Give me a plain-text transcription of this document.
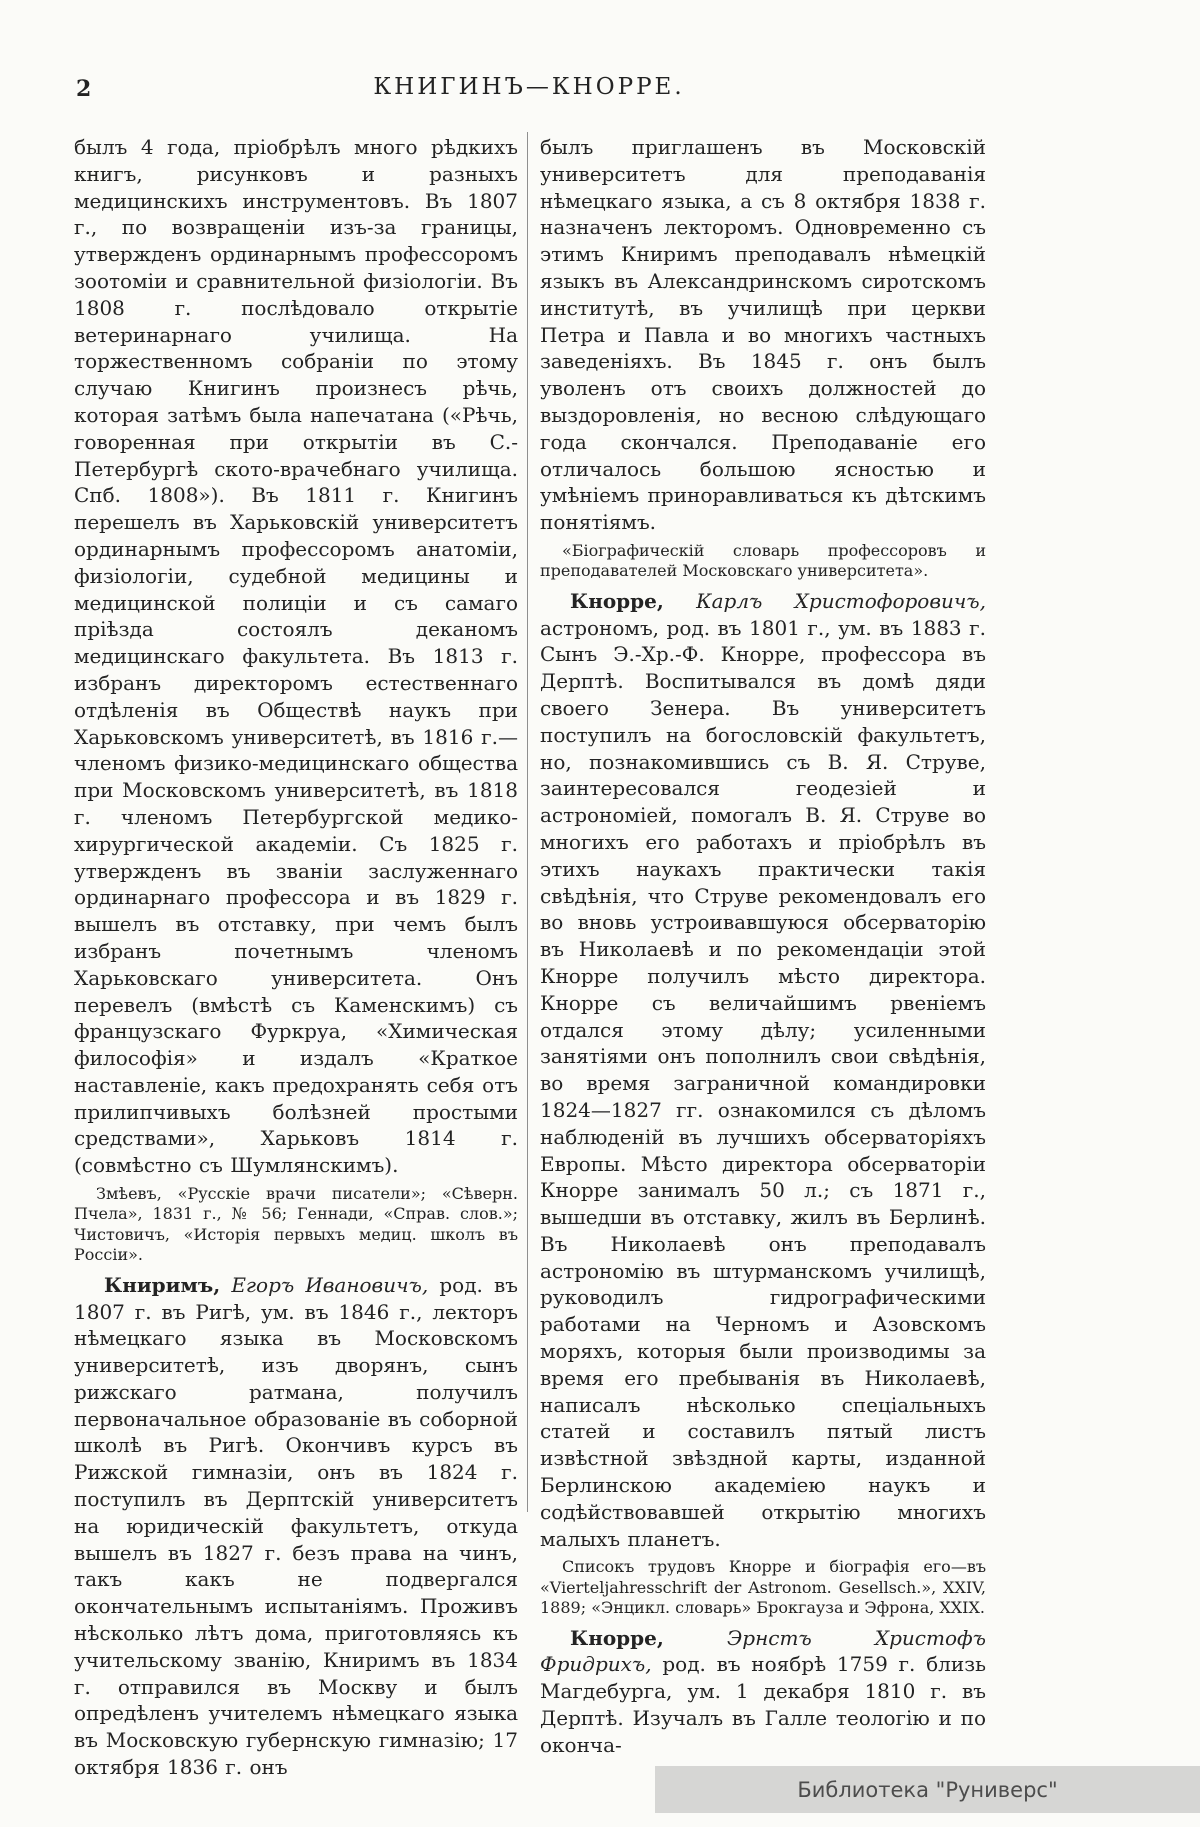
2	КНИГИНЪ—КНОРРЕ.

былъ 4 года, пріобрѣлъ много рѣдкихъ книгъ, рисунковъ и разныхъ медицинскихъ инструментовъ. Въ 1807 г., по возвращеніи изъ-за границы, утвержденъ ординарнымъ профессоромъ зоотоміи и сравнительной физіологіи. Въ 1808 г. послѣдовало открытіе ветеринарнаго училища. На торжественномъ собраніи по этому случаю Книгинъ произнесъ рѣчь, которая затѣмъ была напечатана («Рѣчь, говоренная при открытіи въ С.-Петербургѣ ското-врачебнаго училища. Спб. 1808»). Въ 1811 г. Книгинъ перешелъ въ Харьковскій университетъ ординарнымъ профессоромъ анатоміи, физіологіи, судебной медицины и медицинской полиціи и съ самаго пріѣзда состоялъ деканомъ медицинскаго факультета. Въ 1813 г. избранъ директоромъ естественнаго отдѣленія въ Обществѣ наукъ при Харьковскомъ университетѣ, въ 1816 г.—членомъ физико-медицинскаго общества при Московскомъ университетѣ, въ 1818 г. членомъ Петербургской медико-хирургической академіи. Съ 1825 г. утвержденъ въ званіи заслуженнаго ординарнаго профессора и въ 1829 г. вышелъ въ отставку, при чемъ былъ избранъ почетнымъ членомъ Харьковскаго университета. Онъ перевелъ (вмѣстѣ съ Каменскимъ) съ французскаго Фуркруа, «Химическая философія» и издалъ «Краткое наставленіе, какъ предохранять себя отъ прилипчивыхъ болѣзней простыми средствами», Харьковъ 1814 г. (совмѣстно съ Шумлянскимъ).

Змѣевъ, «Русскіе врачи писатели»; «Сѣверн. Пчела», 1831 г., № 56; Геннади, «Справ. слов.»; Чистовичъ, «Исторія первыхъ медиц. школъ въ Россіи».

Книримъ, Егоръ Ивановичъ, род. въ 1807 г. въ Ригѣ, ум. въ 1846 г., лекторъ нѣмецкаго языка въ Московскомъ университетѣ, изъ дворянъ, сынъ рижскаго ратмана, получилъ первоначальное образованіе въ соборной школѣ въ Ригѣ. Окончивъ курсъ въ Рижской гимназіи, онъ въ 1824 г. поступилъ въ Дерптскій университетъ на юридическій факультетъ, откуда вышелъ въ 1827 г. безъ права на чинъ, такъ какъ не подвергался окончательнымъ испытаніямъ. Проживъ нѣсколько лѣтъ дома, приготовляясь къ учительскому званію, Книримъ въ 1834 г. отправился въ Москву и былъ опредѣленъ учителемъ нѣмецкаго языка въ Московскую губернскую гимназію; 17 октября 1836 г. онъ

былъ приглашенъ въ Московскій университетъ для преподаванія нѣмецкаго языка, а съ 8 октября 1838 г. назначенъ лекторомъ. Одновременно съ этимъ Книримъ преподавалъ нѣмецкій языкъ въ Александринскомъ сиротскомъ институтѣ, въ училищѣ при церкви Петра и Павла и во многихъ частныхъ заведеніяхъ. Въ 1845 г. онъ былъ уволенъ отъ своихъ должностей до выздоровленія, но весною слѣдующаго года скончался. Преподаваніе его отличалось большою ясностью и умѣніемъ приноравливаться къ дѣтскимъ понятіямъ.

«Біографическій словарь профессоровъ и преподавателей Московскаго университета».

Кнорре, Карлъ Христофоровичъ, астрономъ, род. въ 1801 г., ум. въ 1883 г. Сынъ Э.-Хр.-Ф. Кнорре, профессора въ Дерптѣ. Воспитывался въ домѣ дяди своего Зенера. Въ университетъ поступилъ на богословскій факультетъ, но, познакомившись съ В. Я. Струве, заинтересовался геодезіей и астрономіей, помогалъ В. Я. Струве во многихъ его работахъ и пріобрѣлъ въ этихъ наукахъ практически такія свѣдѣнія, что Струве рекомендовалъ его во вновь устроивавшуюся обсерваторію въ Николаевѣ и по рекомендаціи этой Кнорре получилъ мѣсто директора. Кнорре съ величайшимъ рвеніемъ отдался этому дѣлу; усиленными занятіями онъ пополнилъ свои свѣдѣнія, во время заграничной командировки 1824—1827 гг. ознакомился съ дѣломъ наблюденій въ лучшихъ обсерваторіяхъ Европы. Мѣсто директора обсерваторіи Кнорре занималъ 50 л.; съ 1871 г., вышедши въ отставку, жилъ въ Берлинѣ. Въ Николаевѣ онъ преподавалъ астрономію въ штурманскомъ училищѣ, руководилъ гидрографическими работами на Черномъ и Азовскомъ моряхъ, которыя были производимы за время его пребыванія въ Николаевѣ, написалъ нѣсколько спеціальныхъ статей и составилъ пятый листъ извѣстной звѣздной карты, изданной Берлинскою академіею наукъ и содѣйствовавшей открытію многихъ малыхъ планетъ.

Списокъ трудовъ Кнорре и біографія его—въ «Vierteljahresschrift der Astronom. Gesellsch.», XXIV, 1889; «Энцикл. словарь» Брокгауза и Эфрона, XXIX.

Кнорре, Эрнстъ Христофъ Фридрихъ, род. въ ноябрѣ 1759 г. близь Магдебурга, ум. 1 декабря 1810 г. въ Дерптѣ. Изучалъ въ Галле теологію и по оконча-

Библиотека "Руниверс"
